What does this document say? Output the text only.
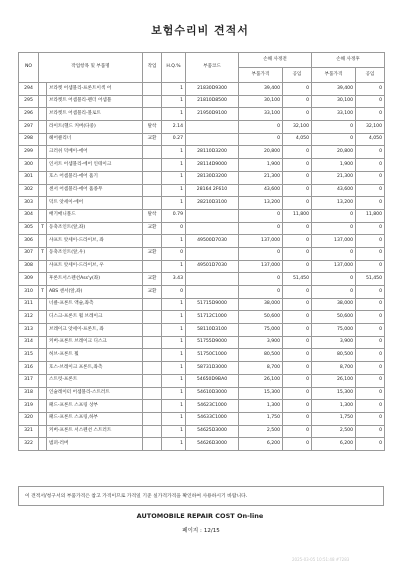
보험수리비 견적서
NO	작업항목 및 부품명		작업	H.Q.%	부품코드	손해 사정전		손해 사정후	
						부품가격	공임	부품가격	공임
294		브라켓 어셈블리-프론트이섹 어		1	21830D9300	39,400	0	39,400	0
295		브라켓트 어셈블리-펜더 어셈블		1	21810D8500	30,100	0	30,100	0
296		브라켓트 어셈블리-볼로트		1	21950D9100	33,100	0	33,100	0
297		라이트(헬드 커버(다중)	탈착	2.14		0	32,100	0	32,100
298		헤어클리너	교환	0.27		0	4,050	0	4,050
299		크러쉬 덕베이-에어		1	28110D3200	20,800	0	20,800	0
300		인서트 어셈블리-에어 인테이크		1	28114D9000	1,900	0	1,900	0
301		호스 어셈블리-에어 흡기		1	28130D3200	21,300	0	21,300	0
302		센서 어셈블리-에어 흡종무		1	28164 2F610	43,600	0	43,600	0
303		덕트 앗세이-에어		1	28210D3100	13,200	0	13,200	0
304		배기매니폴드	탈착	0.79		0	11,800	0	11,800
305	T	동축조인트(앞,좌)	교환	0		0	0	0	0
306		샤프트 앗세이-드라이브, 좌		1	49500D7030	137,000	0	137,000	0
307	T	동축조인트(앞,우)	교환	0		0	0	0	0
308		샤프트 앗세이-드라이브, 우		1	49501D7030	137,000	0	137,000	0
309		후론트서스펜션Ass'y(좌)	교환	3.43		0	51,450	0	51,450
310	T	ABS 센서(앞,좌)	교환	0		0	0	0	0
311		너클-프론트 액슬,좌측		1	51715D9000	38,000	0	38,000	0
312		디스크-프론트 휠 브레이크		1	51712C1000	50,600	0	50,600	0
313		브레이크 앗세이-프론트, 좌		1	58110D3100	75,000	0	75,000	0
314		커버-프론트 브레이크 디스크		1	51755D9000	3,900	0	3,900	0
315		허브-프론트 휠		1	51750C1000	80,500	0	80,500	0
316		호스-브레이크 프론트,좌측		1	58731D3000	8,700	0	8,700	0
317		스트럿-프론트		1	54650D9BA0	26,100	0	26,100	0
318		인슐레이터 어셈블리-스트러트		1	54610D3000	15,300	0	15,300	0
319		패드-프론트 스프링 상부		1	54623C1000	1,300	0	1,300	0
320		패드-프론트 스프링,하부		1	54633C1000	1,750	0	1,750	0
321		커버-프론트 서스펜션 스트러트		1	54625D3000	2,500	0	2,500	0
322		범퍼-러버		1	54626D3000	6,200	0	6,200	0
이 견적서/청구서의 부품가격은 참고 가격이므로 가격일 기준 실가격가격을 확인하여 사용하시기 바랍니다.
AUTOMOBILE REPAIR COST On-line
페이지 : 12/15
2025-03-05 10:51:48 #7283
